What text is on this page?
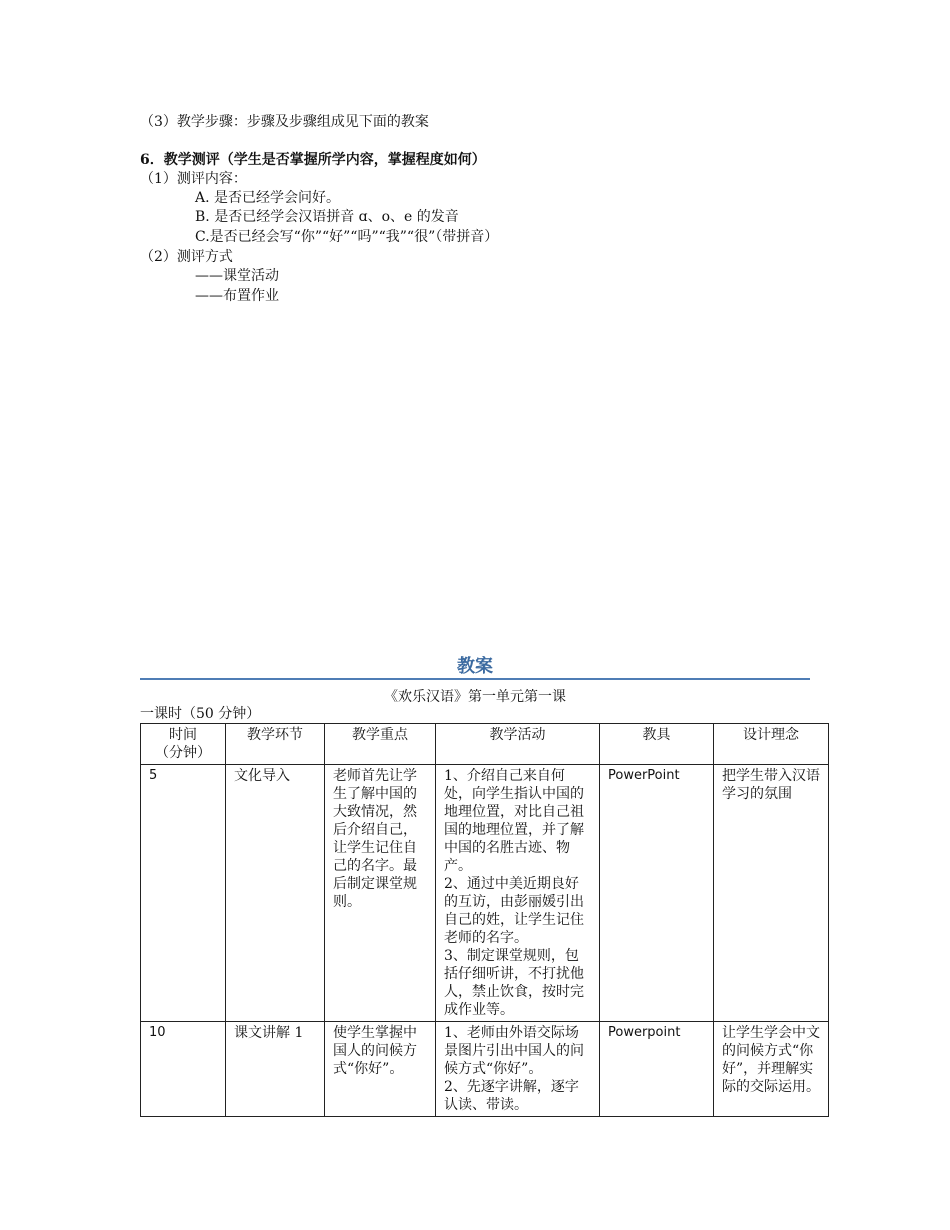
（3）教学步骤：步骤及步骤组成见下面的教案
6．教学测评（学生是否掌握所学内容，掌握程度如何）
（1）测评内容：
A. 是否已经学会问好。
B. 是否已经学会汉语拼音 ɑ、o、e 的发音
C.是否已经会写“你”“好”“吗”“我”“很”（带拼音）
（2）测评方式
——课堂活动
——布置作业
教案
《欢乐汉语》第一单元第一课
一课时（50 分钟）
时间
（分钟）	教学环节	教学重点	教学活动	教具	设计理念
5	文化导入	老师首先让学生了解中国的大致情况，然后介绍自己，让学生记住自己的名字。最后制定课堂规则。	1、介绍自己来自何处，向学生指认中国的地理位置，对比自己祖国的地理位置，并了解中国的名胜古迹、物产。
2、通过中美近期良好的互访，由彭丽媛引出自己的姓，让学生记住老师的名字。
3、制定课堂规则，包括仔细听讲，不打扰他人，禁止饮食，按时完成作业等。	PowerPoint	把学生带入汉语学习的氛围
10	课文讲解 1	使学生掌握中国人的问候方式“你好”。	1、老师由外语交际场景图片引出中国人的问候方式“你好”。
2、先逐字讲解，逐字认读、带读。	Powerpoint	让学生学会中文的问候方式“你好”，并理解实际的交际运用。
